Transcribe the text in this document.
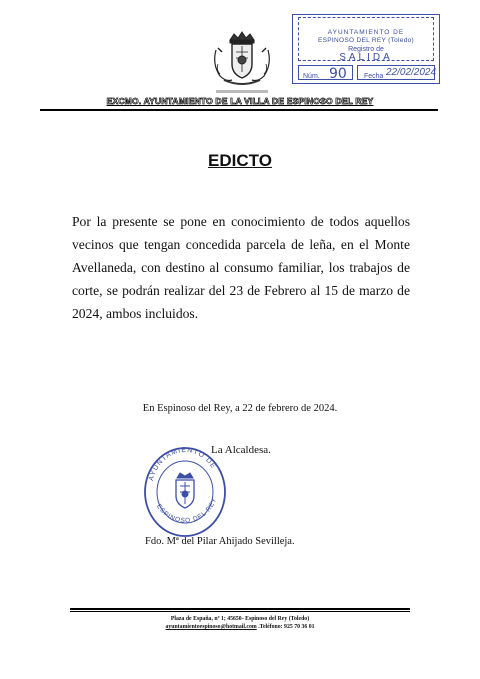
AYUNTAMIENTO DE
ESPINOSO DEL REY (Toledo)
Registro de
SALIDA
Núm. 90 Fecha 22/02/2024
EXCMO. AYUNTAMIENTO DE LA VILLA DE ESPINOSO DEL REY
EDICTO
Por la presente se pone en conocimiento de todos aquellos vecinos que tengan concedida parcela de leña, en el Monte Avellaneda, con destino al consumo familiar, los trabajos de corte, se podrán realizar del 23 de Febrero al 15 de marzo de 2024, ambos incluidos.
En Espinoso del Rey, a 22 de febrero de 2024.
AYUNTAMIENTO DE
ESPINOSO DEL REY
La Alcaldesa.
Fdo. Mª del Pilar Ahijado Sevilleja.
Plaza de España, nº 1; 45650- Espinoso del Rey (Toledo)
ayuntamientoespinoso@hotmail.com .Teléfono: 925 70 36 01
